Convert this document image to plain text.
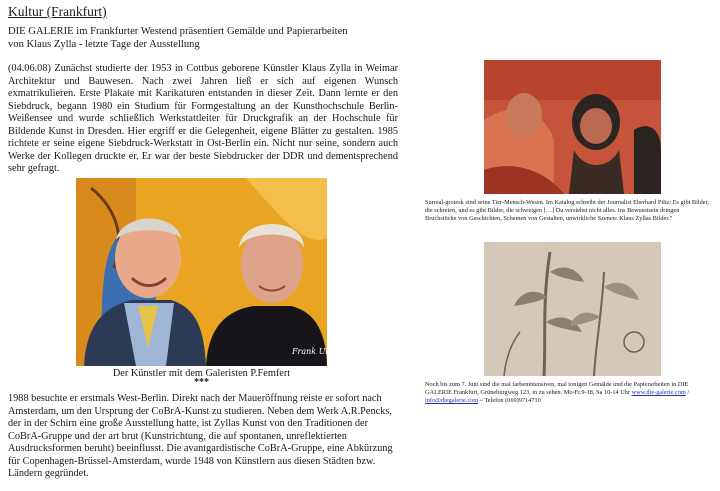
Kultur (Frankfurt)

DIE GALERIE im Frankfurter Westend präsentiert Gemälde und Papierarbeiten
von Klaus Zylla - letzte Tage der Ausstellung

(04.06.08) Zunächst studierte der 1953 in Cottbus geborene Künstler Klaus Zylla in Weimar Architektur und Bauwesen. Nach zwei Jahren ließ er sich auf eigenen Wunsch exmatrikulieren. Erste Plakate mit Karikaturen entstanden in dieser Zeit. Dann lernte er den Siebdruck, begann 1980 ein Studium für Formgestaltung an der Kunsthochschule Berlin-Weißensee und wurde schließlich Werkstattleiter für Druckgrafik an der Hochschule für Bildende Kunst in Dresden. Hier ergriff er die Gelegenheit, eigene Blätter zu gestalten. 1985 richtete er seine eigene Siebdruck-Werkstatt in Ost-Berlin ein. Nicht nur seine, sondern auch Werke der Kollegen druckte er. Er war der beste Siebdrucker der DDR und dementsprechend sehr gefragt.

Frank Ulyas
Der Künstler mit dem Galeristen P.Femfert
***

1988 besuchte er erstmals West-Berlin. Direkt nach der Maueröffnung reiste er sofort nach Amsterdam, um den Ursprung der CoBrA-Kunst zu studieren. Neben dem Werk A.R.Pencks, der in der Schirn eine große Ausstellung hatte, ist Zyllas Kunst von den Traditionen der CoBrA-Gruppe und der art brut (Kunstrichtung, die auf spontanen, unreflektierten Ausdrucksformen beruht) beeinflusst. Die avantgardistische CoBrA-Gruppe, eine Abkürzung für Copenhagen-Brüssel-Amsterdam, wurde 1948 von Künstlern aus diesen Städten bzw. Ländern gegründet.

Surreal-grotesk sind seine Tier-Mensch-Wesen. Im Katalog schreibt der Journalist Eberhard Piltz: Es gibt Bilder, die schreien, und es gibt Bilder, die schweigen […] Du verstehst nicht alles. Ins Bewusstsein dringen Bruchstücke von Geschichten, Schemen von Gestalten, unwirkliche Szenen: Klaus Zyllas Bilder."

Noch bis zum 7. Juni sind die mal farbenintensiven, mal tonigen Gemälde und die Papierarbeiten in DIE GALERIE Frankfurt, Grüneburgweg 123, in zu sehen. Mo-Fr.9-18, Sa 10-14 Uhr www.die-galerie.com / info@diegalerie.com – Telefon (069)9714710
